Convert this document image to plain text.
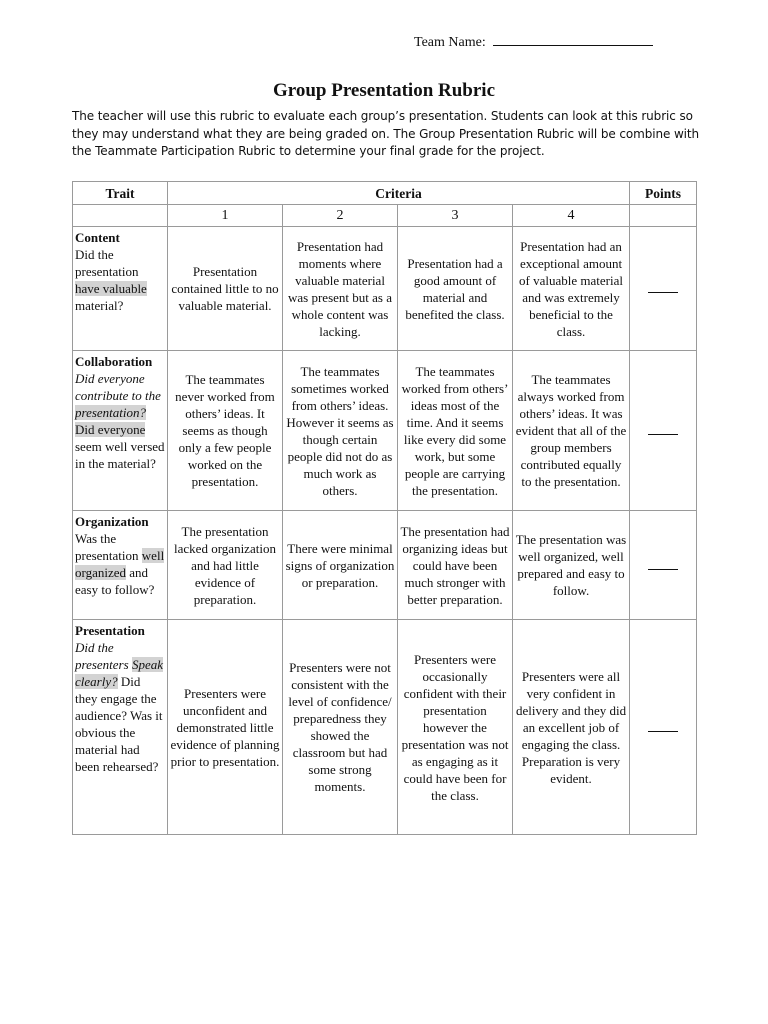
Team Name:
Group Presentation Rubric
The teacher will use this rubric to evaluate each group’s presentation. Students can look at this rubric so they may understand what they are being graded on. The Group Presentation Rubric will be combine with the Teammate Participation Rubric to determine your final grade for the project.
Trait	Criteria				Points
	1	2	3	4	

Content
Did the presentation have valuable material?	Presentation contained little to no valuable material.	Presentation had moments where valuable material was present but as a whole content was lacking.	Presentation had a good amount of material and benefited the class.	Presentation had an exceptional amount of valuable material and was extremely beneficial to the class.	

Collaboration
Did everyone contribute to the presentation? Did everyone seem well versed in the material?	The teammates never worked from others’ ideas. It seems as though only a few people worked on the presentation.	The teammates sometimes worked from others’ ideas. However it seems as though certain people did not do as much work as others.	The teammates worked from others’ ideas most of the time. And it seems like every did some work, but some people are carrying the presentation.	The teammates always worked from others’ ideas. It was evident that all of the group members contributed equally to the presentation.	

Organization
Was the presentation well organized and easy to follow?	The presentation lacked organization and had little evidence of preparation.	There were minimal signs of organization or preparation.	The presentation had organizing ideas but could have been much stronger with better preparation.	The presentation was well organized, well prepared and easy to follow.	

Presentation
Did the presenters Speak clearly? Did they engage the audience? Was it obvious the material had been rehearsed?	Presenters were unconfident and demonstrated little evidence of planning prior to presentation.	Presenters were not consistent with the level of confidence/ preparedness they showed the classroom but had some strong moments.	Presenters were occasionally confident with their presentation however the presentation was not as engaging as it could have been for the class.	Presenters were all very confident in delivery and they did an excellent job of engaging the class. Preparation is very evident.	
